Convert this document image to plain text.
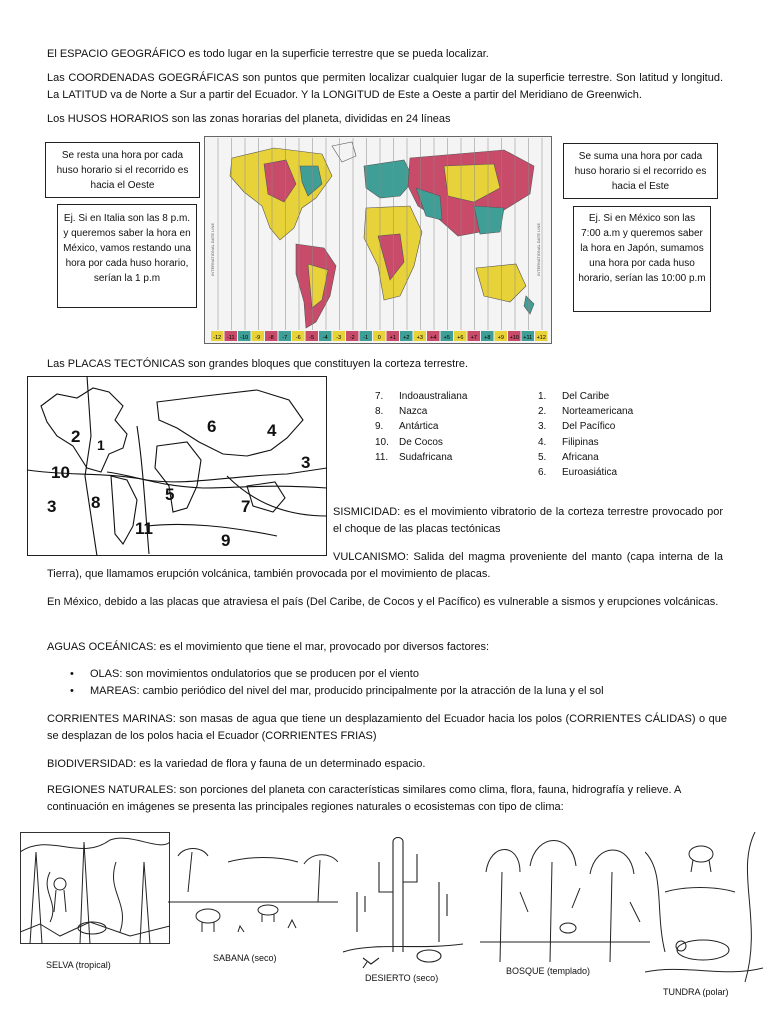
El ESPACIO GEOGRÁFICO es todo lugar en la superficie terrestre que se pueda localizar.
Las COORDENADAS GOEGRÁFICAS son puntos que permiten localizar cualquier lugar de la superficie terrestre. Son latitud y longitud. La LATITUD va de Norte a Sur a partir del Ecuador. Y la LONGITUD de Este a Oeste a partir del Meridiano de Greenwich.
Los HUSOS HORARIOS son las zonas horarias del planeta, divididas en 24 líneas
Se resta una hora por cada huso horario si el recorrido es hacia el Oeste
Ej. Si en Italia son las 8 p.m. y queremos saber la hora en México, vamos restando una hora por cada huso horario, serían la 1 p.m
Se suma una hora por cada huso horario si el recorrido es hacia el Este
Ej. Si en México son las 7:00 a.m y queremos saber la hora en Japón, sumamos una hora por cada huso horario, serían las 10:00 p.m
INTERNATIONAL DATE LINE	INTERNATIONAL DATE LINE
-12 -11 -10 -9 -8 -7 -6 -5 -4 -3 -2 -1 0 +1 +2 +3 +4 +5 +6 +7 +8 +9 +10 +11 +12
Las PLACAS TECTÓNICAS son grandes bloques que constituyen la corteza terrestre.
2 1
6	4
3
10
3 8	5
11
7
9
7. Indoaustraliana
8. Nazca
9. Antártica
10. De Cocos
11. Sudafricana
1. Del Caribe
2. Norteamericana
3. Del Pacífico
4. Filipinas
5. Africana
6. Euroasiática
SISMICIDAD: es el movimiento vibratorio de la corteza terrestre provocado por el choque de las placas tectónicas
VULCANISMO: Salida del magma proveniente del manto (capa interna de la Tierra), que llamamos erupción volcánica, también provocada por el movimiento de placas.
En México, debido a las placas que atraviesa el país (Del Caribe, de Cocos y el Pacífico) es vulnerable a sismos y erupciones volcánicas.
AGUAS OCEÁNICAS: es el movimiento que tiene el mar, provocado por diversos factores:
• OLAS: son movimientos ondulatorios que se producen por el viento
• MAREAS: cambio periódico del nivel del mar, producido principalmente por la atracción de la luna y el sol
CORRIENTES MARINAS: son masas de agua que tiene un desplazamiento del Ecuador hacia los polos (CORRIENTES CÁLIDAS) o que se desplazan de los polos hacia el Ecuador (CORRIENTES FRIAS)
BIODIVERSIDAD: es la variedad de flora y fauna de un determinado espacio.
REGIONES NATURALES: son porciones del planeta con características similares como clima, flora, fauna, hidrografía y relieve. A continuación en imágenes se presenta las principales regiones naturales o ecosistemas con tipo de clima:
SELVA (tropical)
SABANA (seco)
DESIERTO (seco)
BOSQUE (templado)
TUNDRA (polar)
